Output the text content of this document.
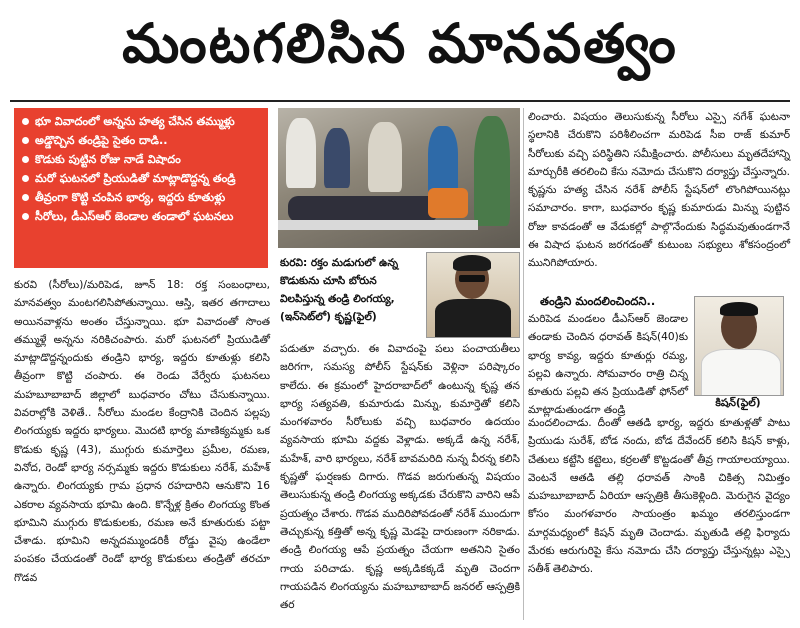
మంటగలిసిన మానవత్వం
భూ వివాదంలో అన్నను హత్య చేసిన తమ్ముళ్లు
అడ్డొచ్చిన తండ్రిపై సైతం దాడి..
కొడుకు పుట్టిన రోజు నాడే విషాదం
మరో ఘటనలో ప్రియుడితో మాట్లాడొద్దన్న తండ్రి
తీవ్రంగా కొట్టి చంపిన భార్య, ఇద్దరు కూతుళ్లు
సీరోలు, డీఎస్‌ఆర్‌ జెండాల తండాలో ఘటనలు

కురవి (సీరోలు)/మరిపెడ, జూన్‌ 18: రక్త సంబంధాలు, మానవత్వం మంటగలిసిపోతున్నాయి. ఆస్తి, ఇతర తగాదాలు అయినవాళ్లను అంతం చేస్తున్నాయి. భూ వివాదంతో సొంత తమ్ముళ్లే అన్నను నరికిచంపారు. మరో ఘటనలో ప్రియుడితో మాట్లాడొద్దన్నందుకు తండ్రిని భార్య, ఇద్దరు కూతుళ్లు కలిసి తీవ్రంగా కొట్టి చంపారు. ఈ రెండు వేర్వేరు ఘటనలు మహబూబాబాద్‌ జిల్లాలో బుధవారం చోటు చేసుకున్నాయి. వివరాల్లోకి వెళితే.. సీరోలు మండల కేంద్రానికి చెందిన పల్లపు లింగయ్యకు ఇద్దరు భార్యలు. మొదటి భార్య మాణిక్యమ్మకు ఒక కొడుకు కృష్ణ (43), ముగ్గురు కుమార్తెలు ప్రమీల, రమణ, వినోద, రెండో భార్య నర్సమ్మకు ఇద్దరు కొడుకులు నరేశ్‌, మహేశ్‌ ఉన్నారు. లింగయ్యకు గ్రామ ప్రధాన రహదారిని ఆనుకొని 16 ఎకరాల వ్యవసాయ భూమి ఉంది. కొన్నేళ్ల క్రితం లింగయ్య కొంత భూమిని ముగ్గురు కొడుకులకు, రమణ అనే కూతురుకు పట్టా చేశాడు. భూమిని అన్నదమ్ముండరికీ రోడ్డు వైపు ఉండేలా పంపకం చేయడంతో రెండో భార్య కొడుకులు తండ్రితో తరచూ గొడవ

కురవి: రక్తం మడుగులో ఉన్న కొడుకును చూసి బోరున విలపిస్తున్న తండ్రి లింగయ్య, (ఇన్‌సెట్‌లో) కృష్ణ(ఫైల్‌)

పడుతూ వచ్చారు. ఈ వివాదంపై పలు పంచాయతీలు జరిగగా, సమస్య పోలీస్‌ స్టేషన్‌కు వెళ్లినా పరిష్కారం కాలేదు. ఈ క్రమంలో హైదరాబాద్‌లో ఉంటున్న కృష్ణ తన భార్య సత్యవతి, కుమారుడు మిన్ను, కుమార్తెతో కలిసి మంగళవారం సీరోలుకు వచ్చి బుధవారం ఉదయం వ్యవసాయ భూమి వద్దకు వెళ్లాడు. అక్కడే ఉన్న నరేశ్‌, మహేశ్‌, వారి భార్యలు, నరేశ్‌ బావమరిది నున్న వీరన్న కలిసి కృష్ణతో ఘర్షణకు దిగారు. గొడవ జరుగుతున్న విషయం తెలుసుకున్న తండ్రి లింగయ్య అక్కడకు చేరుకొని వారిని ఆపే ప్రయత్నం చేశారు. గొడవ ముదిరిపోవడంతో నరేశ్‌ ముందుగా తెచ్చుకున్న కత్తితో అన్న కృష్ణ మెడపై దారుణంగా నరికాడు. తండ్రి లింగయ్య ఆపే ప్రయత్నం చేయగా అతనిని సైతం గాయ పరిచాడు. కృష్ణ అక్కడికక్కడే మృతి చెందగా గాయపడిన లింగయ్యను మహబూబాబాద్‌ జనరల్‌ ఆస్పత్రికి తర

లించారు. విషయం తెలుసుకున్న సీరోలు ఎస్సై నగేశ్‌ ఘటనా స్థలానికి చేరుకొని పరిశీలించగా మరిపెడ సీఐ రాజ్‌ కుమార్‌ సీరోలుకు వచ్చి పరిస్థితిని సమీక్షించారు. పోలీసులు మృతదేహాన్ని మార్చురీకి తరలించి కేసు నమోదు చేసుకొని దర్యాప్తు చేస్తున్నారు. కృష్ణను హత్య చేసిన నరేశ్‌ పోలీస్‌ స్టేషన్‌లో లొంగిపోయినట్లు సమాచారం. కాగా, బుధవారం కృష్ణ కుమారుడు మిన్ను పుట్టిన రోజు కావడంతో ఆ వేడుకల్లో పాల్గొనేందుకు సిద్ధమవుతుండగానే ఈ విషాద ఘటన జరగడంతో కుటుంబ సభ్యులు శోకసంద్రంలో మునిగిపోయారు.

తండ్రిని మందలించిందని..

మరిపెడ మండలం డీఎస్‌ఆర్‌ జెండాల తండాకు చెందిన ధరావత్‌ కిషన్‌(40)కు భార్య కావ్య, ఇద్దరు కూతుర్లు రమ్య, పల్లవి ఉన్నారు. సోమవారం రాత్రి చిన్న కూతురు పల్లవి తన ప్రియుడితో ఫోన్‌లో మాట్లాడుతుండగా తండ్రి

కిషన్‌(ఫైల్‌)

మందలించాడు. దీంతో ఆతడి భార్య, ఇద్దరు కూతుళ్లతో పాటు ప్రియుడు సురేశ్‌, బోడ నందు, బోడ దేవేందర్‌ కలిసి కిషన్‌ కాళ్లు, చేతులు కట్టేసి కట్టెలు, కర్రలతో కొట్టడంతో తీవ్ర గాయాలయ్యాయి. వెంటనే ఆతడి తల్లి ధరావత్‌ సాంకి చికిత్స నిమిత్తం మహబూబాబాద్‌ ఏరియా ఆస్పత్రికి తీసుకెళ్లింది. మెరుగైన వైద్యం కోసం మంగళవారం సాయంత్రం ఖమ్మం తరలిస్తుండగా మార్గమధ్యంలో కిషన్‌ మృతి చెందాడు. మృతుడి తల్లి ఫిర్యాదు మేరకు ఆరుగురిపై కేసు నమోదు చేసి దర్యాప్తు చేస్తున్నట్లు ఎస్సై సతీశ్‌ తెలిపారు.
